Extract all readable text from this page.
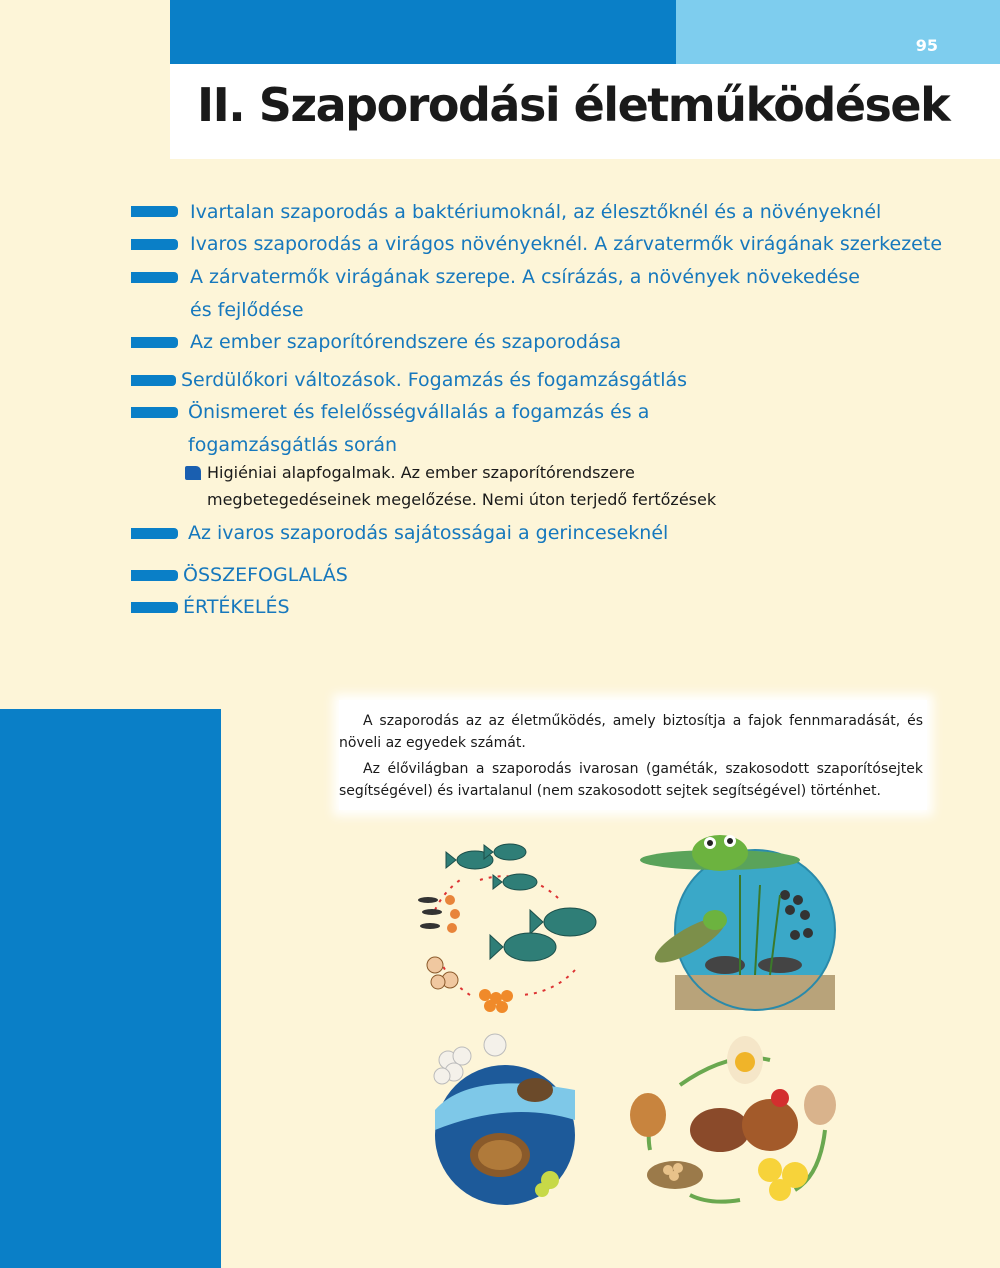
95
II. Szaporodási életműködések
Ivartalan szaporodás a baktériumoknál, az élesztőknél és a növényeknél
Ivaros szaporodás a virágos növényeknél. A zárvatermők virágának szerkezete
A zárvatermők virágának szerepe. A csírázás, a növények növekedése
és fejlődése
Az ember szaporítórendszere és szaporodása
Serdülőkori változások. Fogamzás és fogamzásgátlás
Önismeret és felelősségvállalás a fogamzás és a
fogamzásgátlás során
Higiéniai alapfogalmak. Az ember szaporítórendszere
megbetegedéseinek megelőzése. Nemi úton terjedő fertőzések
Az ivaros szaporodás sajátosságai a gerinceseknél
ÖSSZEFOGLALÁS
ÉRTÉKELÉS

A szaporodás az az életműködés, amely biztosítja a fajok fennmaradását, és növeli az egyedek számát.

Az élővilágban a szaporodás ivarosan (gaméták, szakosodott szaporítósejtek segítségével) és ivartalanul (nem szakosodott sejtek segítségével) történhet.
